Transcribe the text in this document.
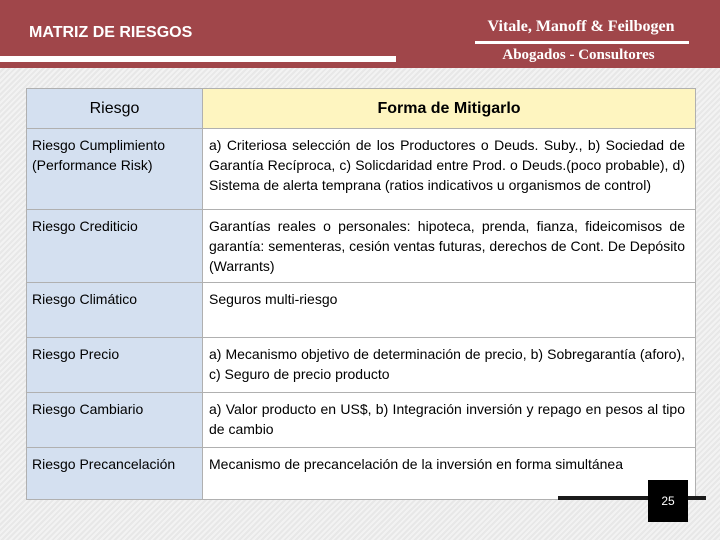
MATRIZ DE RIESGOS	Vitale, Manoff & Feilbogen
Abogados - Consultores
Riesgo	Forma de Mitigarlo
Riesgo Cumplimiento (Performance Risk)	a) Criteriosa selección de los Productores o Deuds. Suby., b) Sociedad de Garantía Recíproca, c) Solicdaridad entre Prod. o Deuds.(poco probable), d) Sistema de alerta temprana (ratios indicativos u organismos de control)
Riesgo Crediticio	Garantías reales o personales: hipoteca, prenda, fianza, fideicomisos de garantía: sementeras, cesión ventas futuras, derechos de Cont. De Depósito (Warrants)
Riesgo Climático	Seguros multi-riesgo
Riesgo Precio	a) Mecanismo objetivo de determinación de precio, b) Sobregarantía (aforo), c) Seguro de precio producto
Riesgo Cambiario	a) Valor producto en US$, b) Integración inversión y repago en pesos al tipo de cambio
Riesgo Precancelación	Mecanismo de precancelación de la inversión en forma simultánea
25
